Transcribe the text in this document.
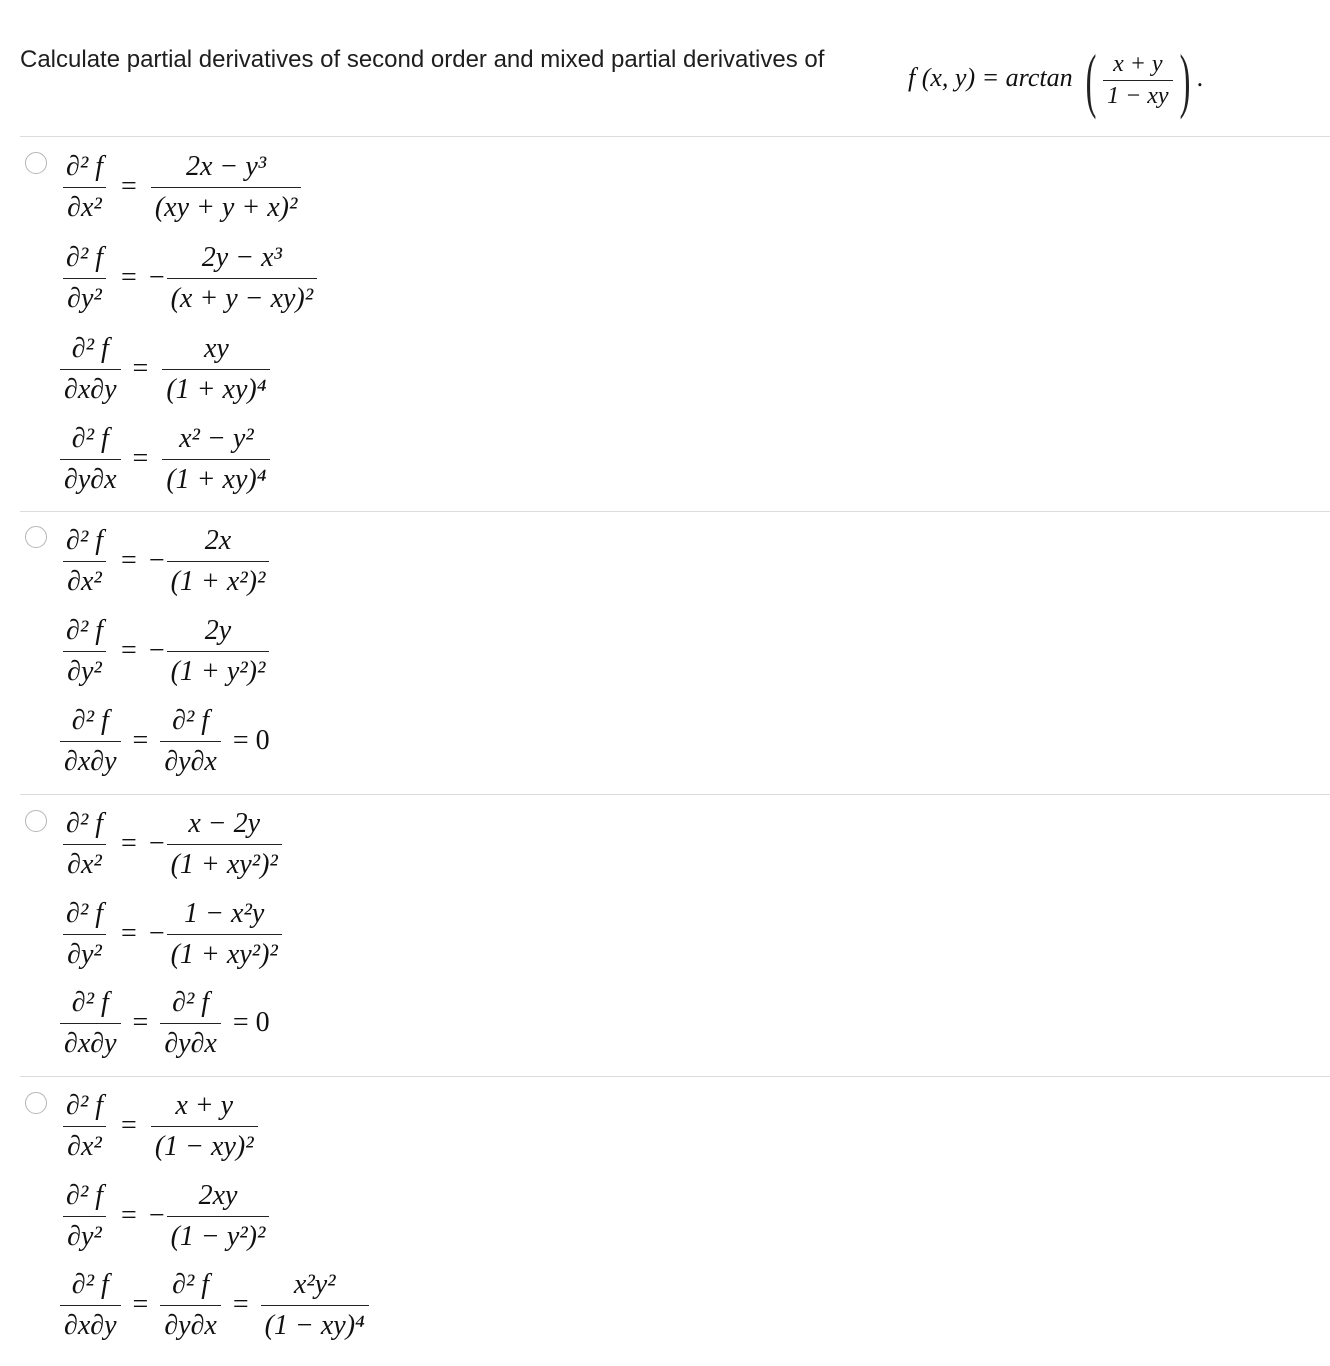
Calculate partial derivatives of second order and mixed partial derivatives of
f (x, y) = arctan ( $\frac{x + y}{1 - xy}$ ) .
$\frac{\text{∂² f}}{\text{∂x²}} = \frac{\text{2x − y³}}{\text{(xy + y + x)²}}$
$\frac{\text{∂² f}}{\text{∂y²}}$ = − $\frac{\text{2y − x³}}{\text{(x + y − xy)²}}$
$\frac{\text{∂² f}}{\partial x\partial y} = \frac{xy}{\text{(1 + xy)⁴}}$
$\frac{\text{∂² f}}{\partial y\partial x} = \frac{\text{x² − y²}}{\text{(1 + xy)⁴}}$
$\frac{\text{∂² f}}{\text{∂x²}}$ = − $\frac{2x}{\text{(1 + x²)²}}$
$\frac{\text{∂² f}}{\text{∂y²}}$ = − $\frac{2y}{\text{(1 + y²)²}}$
$\frac{\text{∂² f}}{\partial x\partial y} = \frac{\text{∂² f}}{\partial y\partial x} = 0$
$\frac{\text{∂² f}}{\text{∂x²}}$ = − $\frac{x - 2y}{\text{(1 + xy²)²}}$
$\frac{\text{∂² f}}{\text{∂y²}}$ = − $\frac{\text{1 − x²y}}{\text{(1 + xy²)²}}$
$\frac{\text{∂² f}}{\partial x\partial y} = \frac{\text{∂² f}}{\partial y\partial x} = 0$
$\frac{\text{∂² f}}{\text{∂x²}} = \frac{x + y}{\text{(1 − xy)²}}$
$\frac{\text{∂² f}}{\text{∂y²}}$ = − $\frac{2xy}{\text{(1 − y²)²}}$
$\frac{\text{∂² f}}{\partial x\partial y} = \frac{\text{∂² f}}{\partial y\partial x} = \frac{\text{x²y²}}{\text{(1 − xy)⁴}}$
